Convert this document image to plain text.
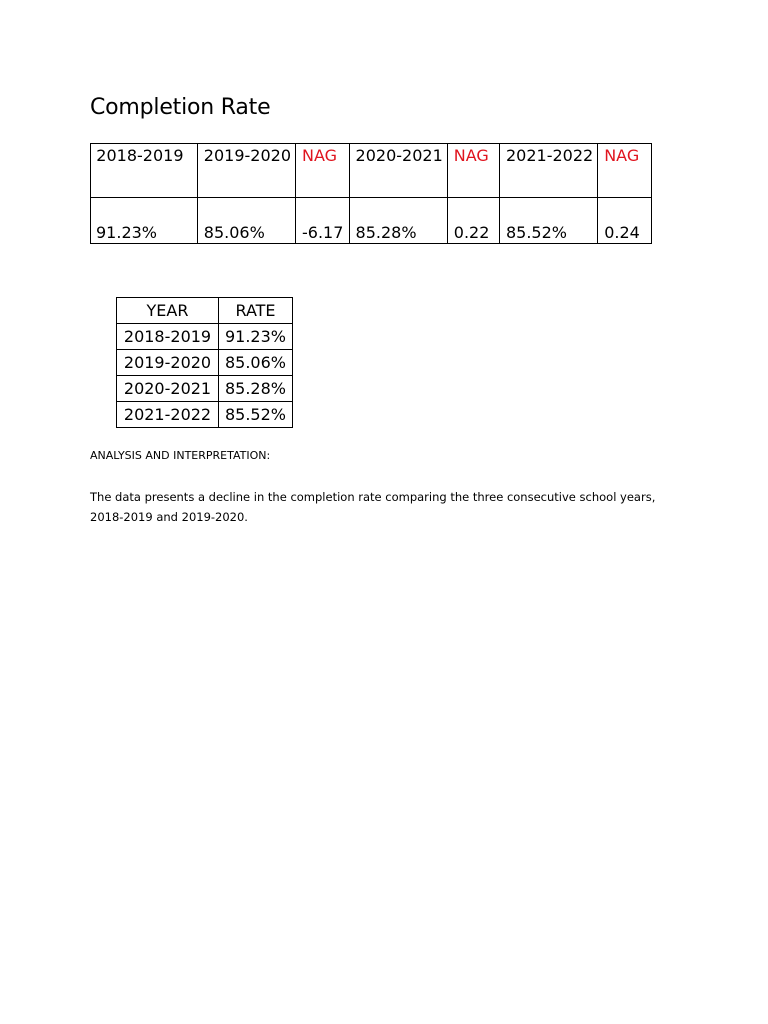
Completion Rate
2018-2019	2019-2020	NAG	2020-2021	NAG	2021-2022	NAG
91.23%	85.06%	-6.17	85.28%	0.22	85.52%	0.24
YEAR	RATE
2018-2019	91.23%
2019-2020	85.06%
2020-2021	85.28%
2021-2022	85.52%

ANALYSIS AND INTERPRETATION:

The data presents a decline in the completion rate comparing the three consecutive school years, 2018-2019 and 2019-2020.
